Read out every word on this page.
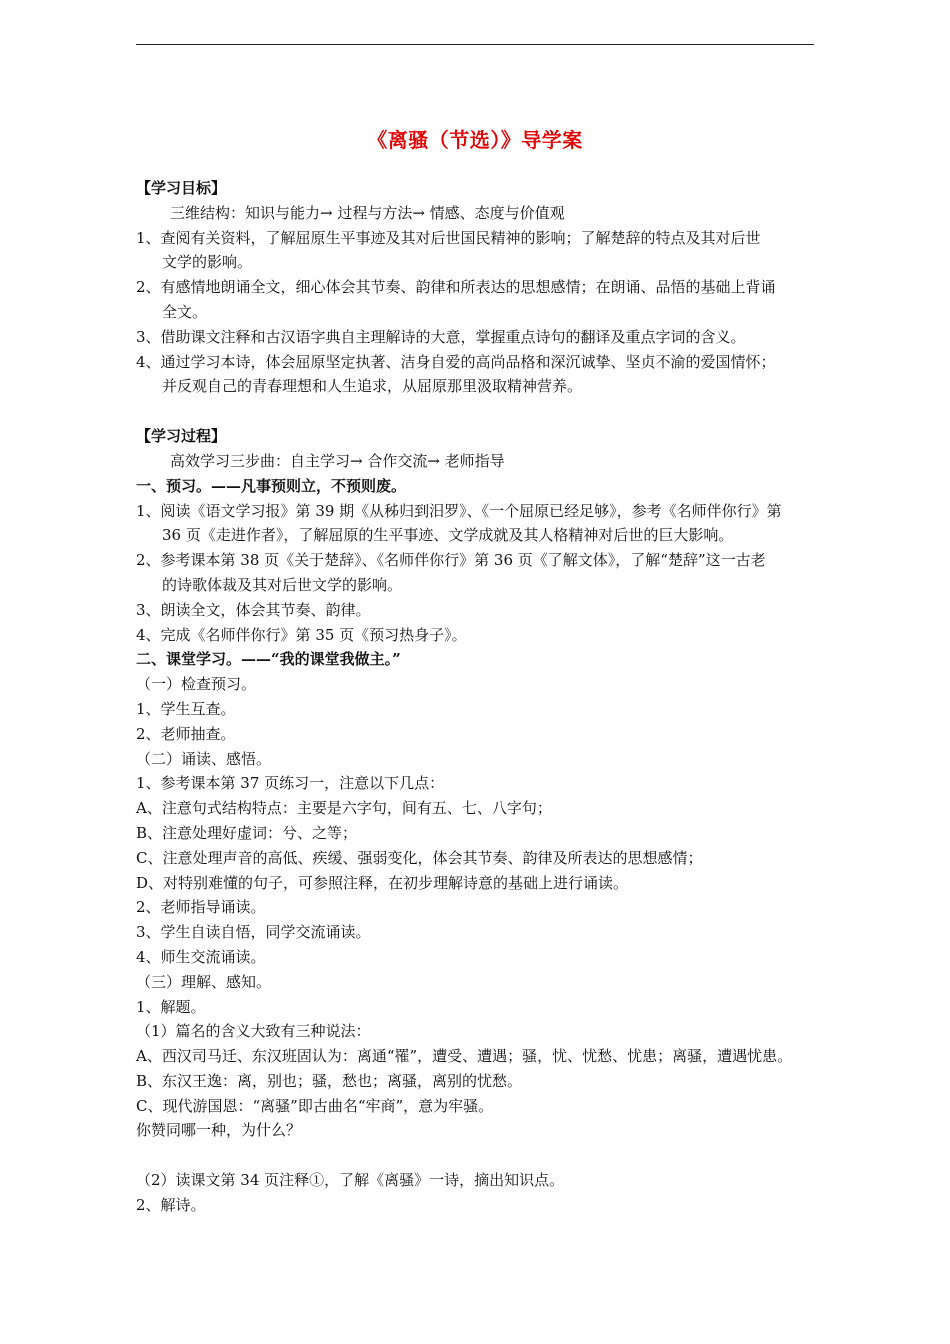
《离骚（节选）》导学案
【学习目标】
三维结构：知识与能力→ 过程与方法→ 情感、态度与价值观
1、查阅有关资料，了解屈原生平事迹及其对后世国民精神的影响；了解楚辞的特点及其对后世
文学的影响。
2、有感情地朗诵全文，细心体会其节奏、韵律和所表达的思想感情；在朗诵、品悟的基础上背诵
全文。
3、借助课文注释和古汉语字典自主理解诗的大意，掌握重点诗句的翻译及重点字词的含义。
4、通过学习本诗，体会屈原坚定执著、洁身自爱的高尚品格和深沉诚挚、坚贞不渝的爱国情怀；
并反观自己的青春理想和人生追求，从屈原那里汲取精神营养。
【学习过程】
高效学习三步曲：自主学习→ 合作交流→ 老师指导
一、预习。——凡事预则立，不预则废。
1、阅读《语文学习报》第 39 期《从秭归到汨罗》、《一个屈原已经足够》，参考《名师伴你行》第
36 页《走进作者》，了解屈原的生平事迹、文学成就及其人格精神对后世的巨大影响。
2、参考课本第 38 页《关于楚辞》、《名师伴你行》第 36 页《了解文体》，了解“楚辞”这一古老
的诗歌体裁及其对后世文学的影响。
3、朗读全文，体会其节奏、韵律。
4、完成《名师伴你行》第 35 页《预习热身子》。
二、课堂学习。——“我的课堂我做主。”
（一）检查预习。
1、学生互查。
2、老师抽查。
（二）诵读、感悟。
1、参考课本第 37 页练习一，注意以下几点：
A、注意句式结构特点：主要是六字句，间有五、七、八字句；
B、注意处理好虚词：兮、之等；
C、注意处理声音的高低、疾缓、强弱变化，体会其节奏、韵律及所表达的思想感情；
D、对特别难懂的句子，可参照注释，在初步理解诗意的基础上进行诵读。
2、老师指导诵读。
3、学生自读自悟，同学交流诵读。
4、师生交流诵读。
（三）理解、感知。
1、解题。
（1）篇名的含义大致有三种说法：
A、西汉司马迁、东汉班固认为：离通“罹”，遭受、遭遇；骚，忧、忧愁、忧患；离骚，遭遇忧患。
B、东汉王逸：离，别也；骚，愁也；离骚，离别的忧愁。
C、现代游国恩：“离骚”即古曲名“牢商”，意为牢骚。
你赞同哪一种，为什么？
（2）读课文第 34 页注释①，了解《离骚》一诗，摘出知识点。
2、解诗。
